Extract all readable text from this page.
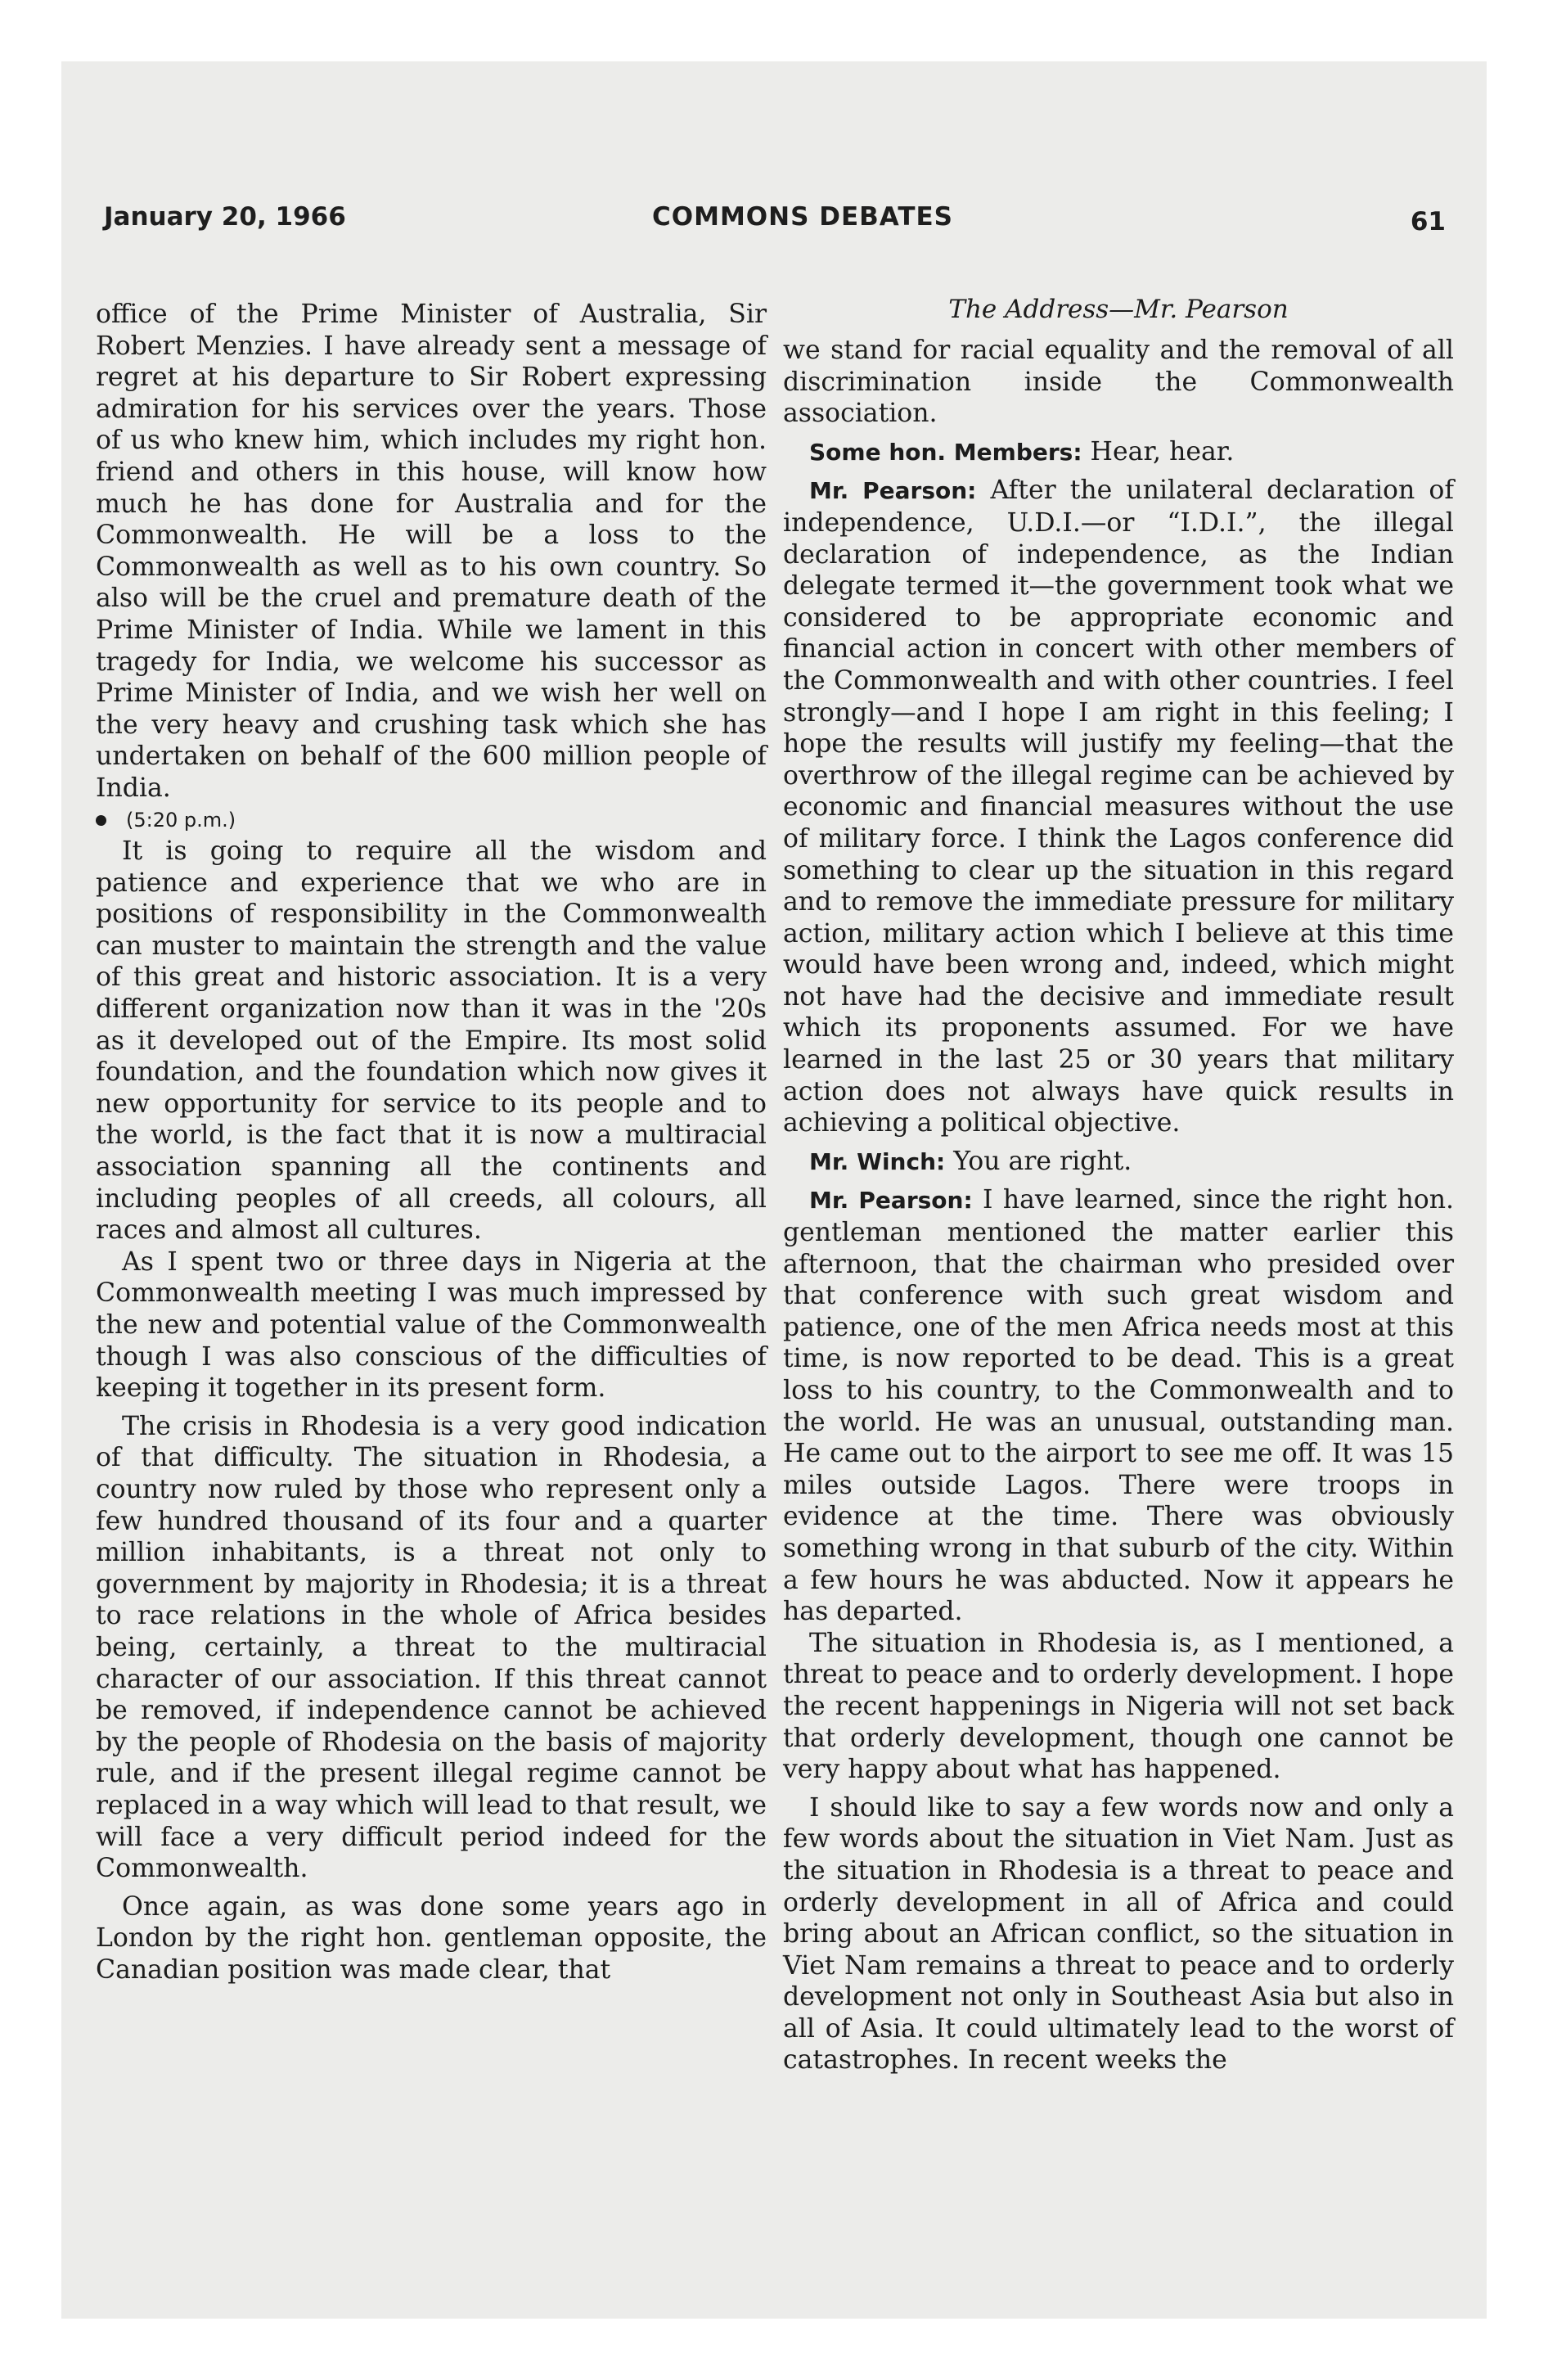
January 20, 1966	COMMONS DEBATES	61

office of the Prime Minister of Australia, Sir Robert Menzies. I have already sent a message of regret at his departure to Sir Robert expressing admiration for his services over the years. Those of us who knew him, which includes my right hon. friend and others in this house, will know how much he has done for Australia and for the Commonwealth. He will be a loss to the Commonwealth as well as to his own country. So also will be the cruel and premature death of the Prime Minister of India. While we lament in this tragedy for India, we welcome his successor as Prime Minister of India, and we wish her well on the very heavy and crushing task which she has undertaken on behalf of the 600 million people of India.

(5:20 p.m.)

It is going to require all the wisdom and patience and experience that we who are in positions of responsibility in the Commonwealth can muster to maintain the strength and the value of this great and historic association. It is a very different organization now than it was in the '20s as it developed out of the Empire. Its most solid foundation, and the foundation which now gives it new opportunity for service to its people and to the world, is the fact that it is now a multiracial association spanning all the continents and including peoples of all creeds, all colours, all races and almost all cultures.

As I spent two or three days in Nigeria at the Commonwealth meeting I was much impressed by the new and potential value of the Commonwealth though I was also conscious of the difficulties of keeping it together in its present form.

The crisis in Rhodesia is a very good indication of that difficulty. The situation in Rhodesia, a country now ruled by those who represent only a few hundred thousand of its four and a quarter million inhabitants, is a threat not only to government by majority in Rhodesia; it is a threat to race relations in the whole of Africa besides being, certainly, a threat to the multiracial character of our association. If this threat cannot be removed, if independence cannot be achieved by the people of Rhodesia on the basis of majority rule, and if the present illegal regime cannot be replaced in a way which will lead to that result, we will face a very difficult period indeed for the Commonwealth.

Once again, as was done some years ago in London by the right hon. gentleman opposite, the Canadian position was made clear, that

The Address—Mr. Pearson

we stand for racial equality and the removal of all discrimination inside the Commonwealth association.

Some hon. Members: Hear, hear.

Mr. Pearson: After the unilateral declaration of independence, U.D.I.—or “I.D.I.”, the illegal declaration of independence, as the Indian delegate termed it—the government took what we considered to be appropriate economic and financial action in concert with other members of the Commonwealth and with other countries. I feel strongly—and I hope I am right in this feeling; I hope the results will justify my feeling—that the overthrow of the illegal regime can be achieved by economic and financial measures without the use of military force. I think the Lagos conference did something to clear up the situation in this regard and to remove the immediate pressure for military action, military action which I believe at this time would have been wrong and, indeed, which might not have had the decisive and immediate result which its proponents assumed. For we have learned in the last 25 or 30 years that military action does not always have quick results in achieving a political objective.

Mr. Winch: You are right.

Mr. Pearson: I have learned, since the right hon. gentleman mentioned the matter earlier this afternoon, that the chairman who presided over that conference with such great wisdom and patience, one of the men Africa needs most at this time, is now reported to be dead. This is a great loss to his country, to the Commonwealth and to the world. He was an unusual, outstanding man. He came out to the airport to see me off. It was 15 miles outside Lagos. There were troops in evidence at the time. There was obviously something wrong in that suburb of the city. Within a few hours he was abducted. Now it appears he has departed.

The situation in Rhodesia is, as I mentioned, a threat to peace and to orderly development. I hope the recent happenings in Nigeria will not set back that orderly development, though one cannot be very happy about what has happened.

I should like to say a few words now and only a few words about the situation in Viet Nam. Just as the situation in Rhodesia is a threat to peace and orderly development in all of Africa and could bring about an African conflict, so the situation in Viet Nam remains a threat to peace and to orderly development not only in Southeast Asia but also in all of Asia. It could ultimately lead to the worst of catastrophes. In recent weeks the
